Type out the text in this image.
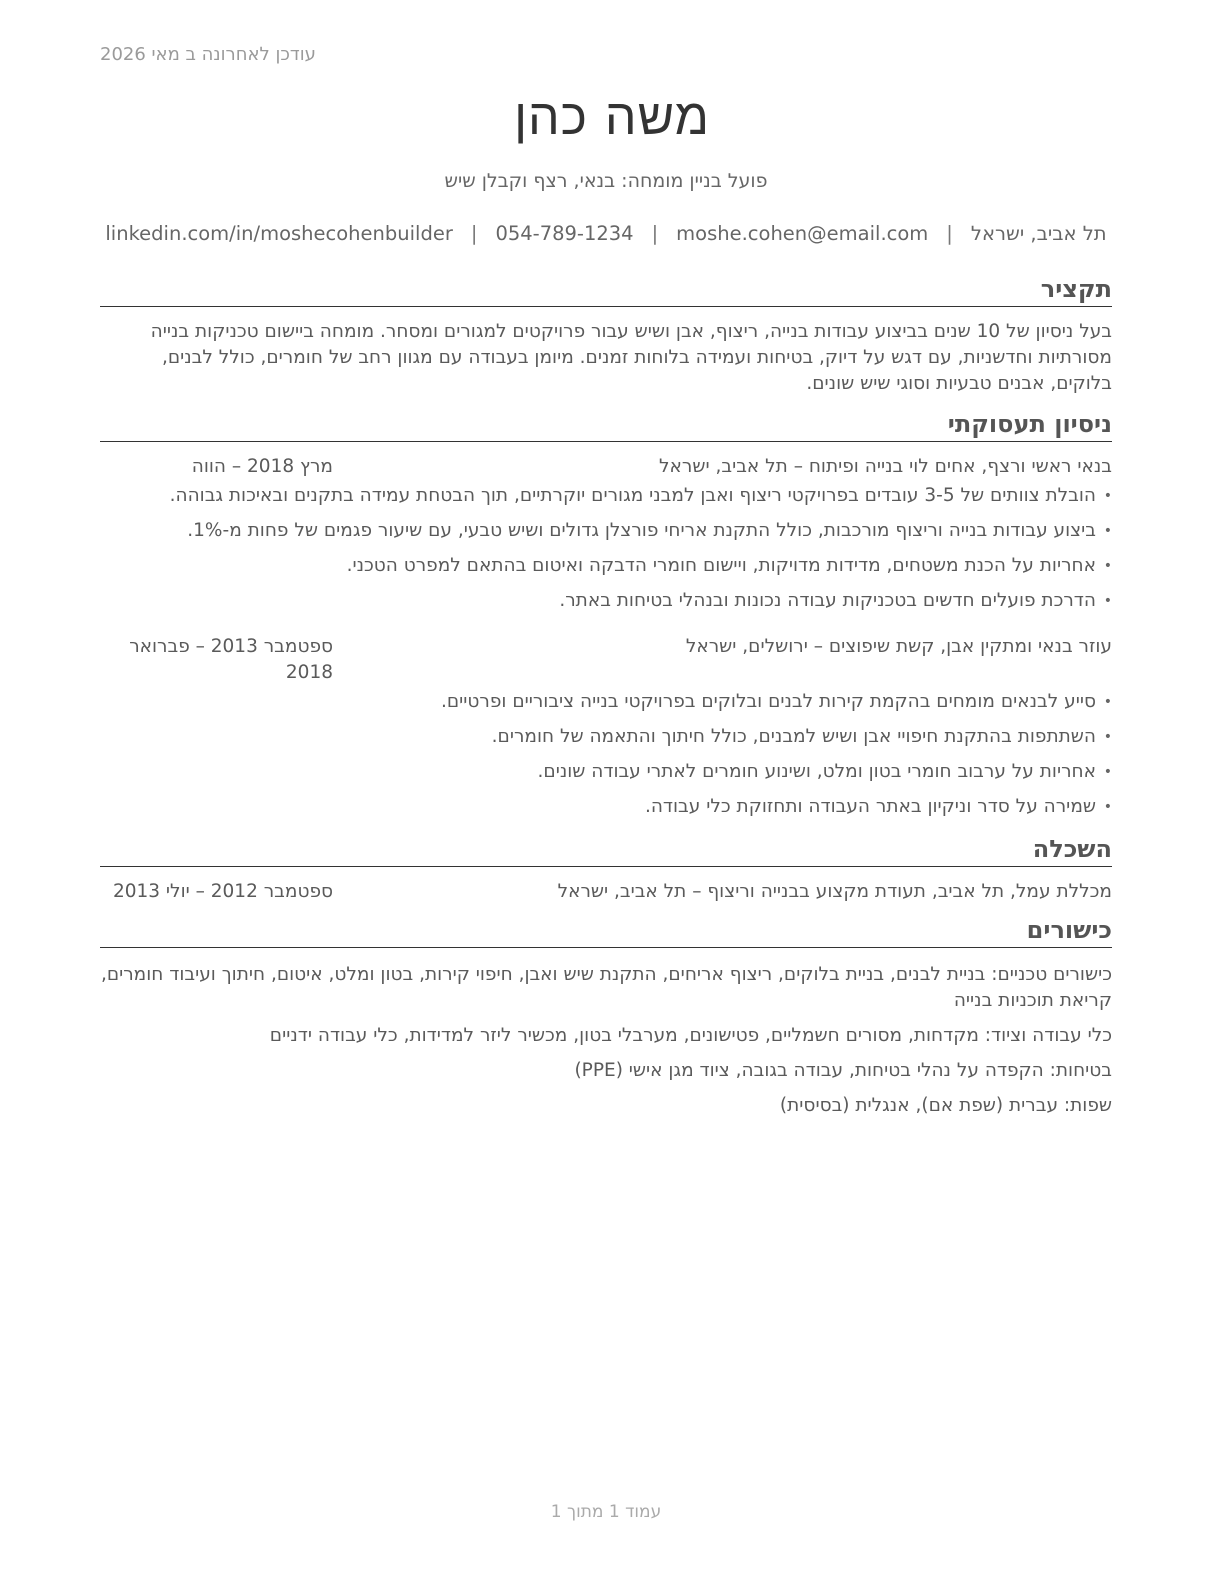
עודכן לאחרונה ב מאי 2026
משה כהן
פועל בניין מומחה: בנאי, רצף וקבלן שיש
תל אביב, ישראל
|
moshe.cohen@email.com
|
054-789-1234
|
linkedin.com/in/moshecohenbuilder
תקציר

בעל ניסיון של 10 שנים בביצוע עבודות בנייה, ריצוף, אבן ושיש עבור פרויקטים למגורים ומסחר. מומחה ביישום טכניקות בנייה מסורתיות וחדשניות, עם דגש על דיוק, בטיחות ועמידה בלוחות זמנים. מיומן בעבודה עם מגוון רחב של חומרים, כולל לבנים, בלוקים, אבנים טבעיות וסוגי שיש שונים.

ניסיון תעסוקתי
בנאי ראשי ורצף, אחים לוי בנייה ופיתוח – תל אביב, ישראל
מרץ 2018 – הווה
• הובלת צוותים של 3-5 עובדים בפרויקטי ריצוף ואבן למבני מגורים יוקרתיים, תוך הבטחת עמידה בתקנים ובאיכות גבוהה.
• ביצוע עבודות בנייה וריצוף מורכבות, כולל התקנת אריחי פורצלן גדולים ושיש טבעי, עם שיעור פגמים של פחות מ-1%.
• אחריות על הכנת משטחים, מדידות מדויקות, ויישום חומרי הדבקה ואיטום בהתאם למפרט הטכני.
• הדרכת פועלים חדשים בטכניקות עבודה נכונות ובנהלי בטיחות באתר.
עוזר בנאי ומתקין אבן, קשת שיפוצים – ירושלים, ישראל
ספטמבר 2013 – פברואר 2018
• סייע לבנאים מומחים בהקמת קירות לבנים ובלוקים בפרויקטי בנייה ציבוריים ופרטיים.
• השתתפות בהתקנת חיפויי אבן ושיש למבנים, כולל חיתוך והתאמה של חומרים.
• אחריות על ערבוב חומרי בטון ומלט, ושינוע חומרים לאתרי עבודה שונים.
• שמירה על סדר וניקיון באתר העבודה ותחזוקת כלי עבודה.
השכלה
מכללת עמל, תל אביב, תעודת מקצוע בבנייה וריצוף – תל אביב, ישראל
ספטמבר 2012 – יולי 2013
כישורים

כישורים טכניים: בניית לבנים, בניית בלוקים, ריצוף אריחים, התקנת שיש ואבן, חיפוי קירות, בטון ומלט, איטום, חיתוך ועיבוד חומרים, קריאת תוכניות בנייה

כלי עבודה וציוד: מקדחות, מסורים חשמליים, פטישונים, מערבלי בטון, מכשיר ליזר למדידות, כלי עבודה ידניים

בטיחות: הקפדה על נהלי בטיחות, עבודה בגובה, ציוד מגן אישי (PPE)

שפות: עברית (שפת אם), אנגלית (בסיסית)

עמוד 1 מתוך 1
